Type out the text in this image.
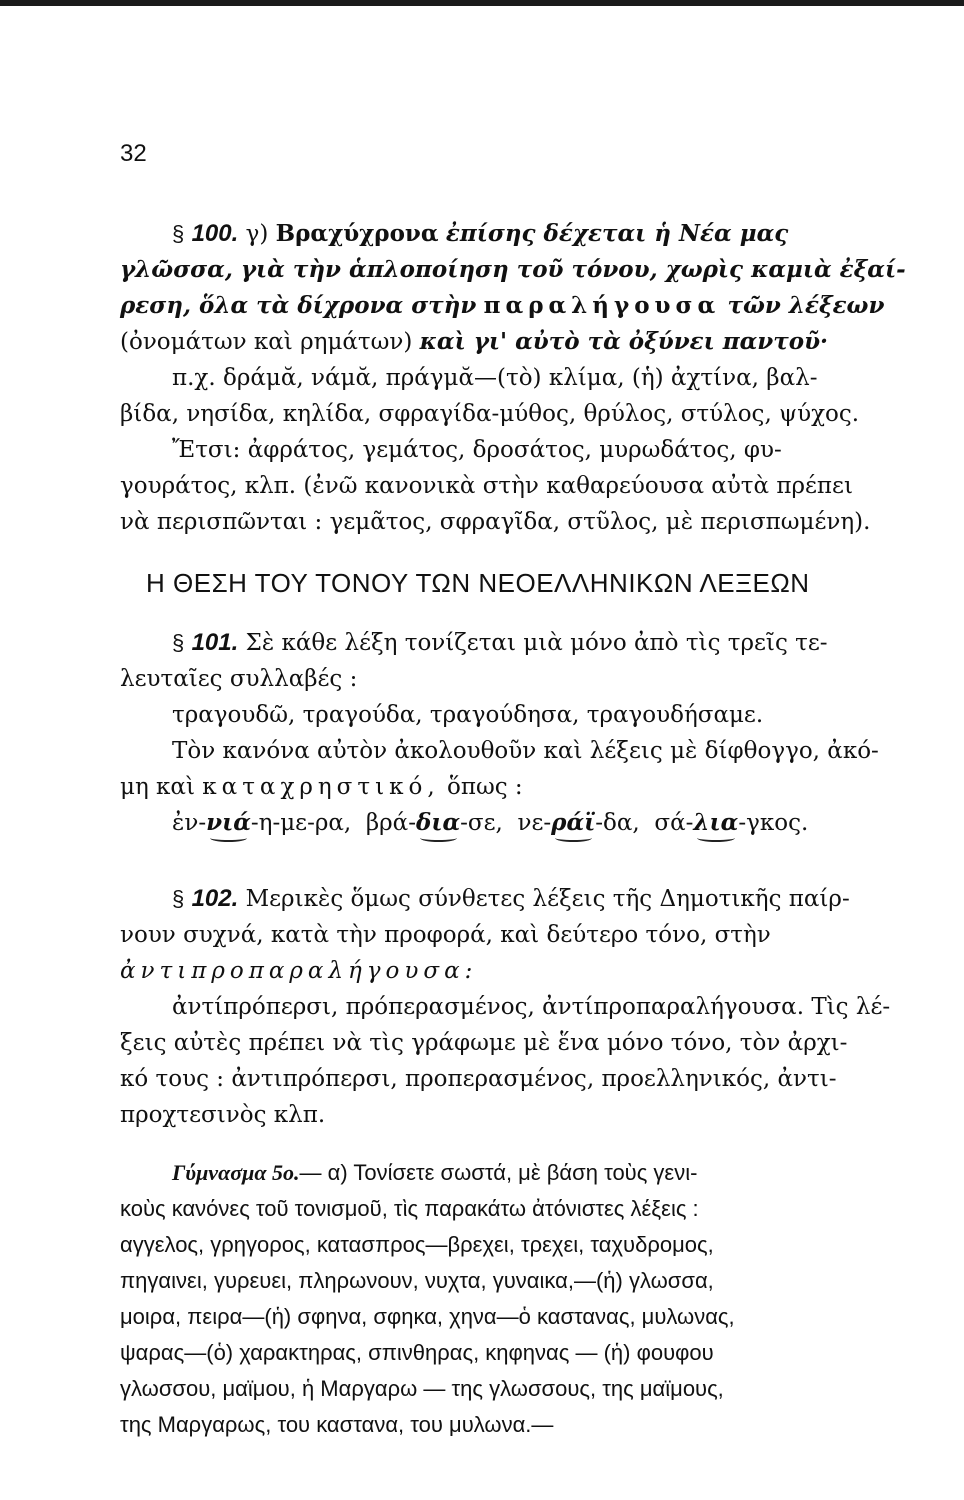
32
§ 100. γ) Βραχύχρονα ἐπίσης δέχεται ἡ Νέα μας
γλῶσσα, γιὰ τὴν ἁπλοποίηση τοῦ τόνου, χωρὶς καμιὰ ἐξαί-
ρεση, ὅλα τὰ δίχρονα στὴν παραλήγουσα τῶν λέξεων
(ὀνομάτων καὶ ρημάτων) καὶ γι' αὐτὸ τὰ ὀξύνει παντοῦ·
π.χ. δράμᾰ, νάμᾰ, πράγμᾰ—(τὸ) κλίμα, (ἡ) ἀχτίνα, βαλ-
βίδα, νησίδα, κηλίδα, σφραγίδα-μύθος, θρύλος, στύλος, ψύχος.
Ἔτσι: ἀφράτος, γεμάτος, δροσάτος, μυρωδάτος, φυ-
γουράτος, κλπ. (ἐνῶ κανονικὰ στὴν καθαρεύουσα αὐτὰ πρέπει
νὰ περισπῶνται : γεμᾶτος, σφραγῖδα, στῦλος, μὲ περισπωμένη).
Η ΘΕΣΗ ΤΟΥ ΤΟΝΟΥ ΤΩΝ ΝΕΟΕΛΛΗΝΙΚΩΝ ΛΕΞΕΩΝ
§ 101. Σὲ κάθε λέξη τονίζεται μιὰ μόνο ἀπὸ τὶς τρεῖς τε-
λευταῖες συλλαβές :
τραγουδῶ, τραγούδα, τραγούδησα, τραγουδήσαμε.
Τὸν κανόνα αὐτὸν ἀκολουθοῦν καὶ λέξεις μὲ δίφθογγο, ἀκό-
μη καὶ καταχρηστικό, ὅπως :
ἐν-νιά-η-με-ρα, βρά-δια-σε, νε-ράϊ-δα, σά-λια-γκος.
§ 102. Μερικὲς ὅμως σύνθετες λέξεις τῆς Δημοτικῆς παίρ-
νουν συχνά, κατὰ τὴν προφορά, καὶ δεύτερο τόνο, στὴν
ἀντιπροπαραλήγουσα:
ἀντίπρόπερσι, πρόπερασμένος, ἀντίπροπαραλήγουσα. Τὶς λέ-
ξεις αὐτὲς πρέπει νὰ τὶς γράφωμε μὲ ἕνα μόνο τόνο, τὸν ἀρχι-
κό τους : ἀντιπρόπερσι, προπερασμένος, προελληνικός, ἀντι-
προχτεσινὸς κλπ.
Γύμνασμα 5ο.— α) Τονίσετε σωστά, μὲ βάση τοὺς γενι-
κοὺς κανόνες τοῦ τονισμοῦ, τὶς παρακάτω ἀτόνιστες λέξεις :
αγγελος, γρηγορος, κατασπρος—βρεχει, τρεχει, ταχυδρομος,
πηγαινει, γυρευει, πληρωνουν, νυχτα, γυναικα,—(ἡ) γλωσσα,
μοιρα, πειρα—(ἡ) σφηνα, σφηκα, χηνα—ὁ καστανας, μυλωνας,
ψαρας—(ὁ) χαρακτηρας, σπινθηρας, κηφηνας — (ἡ) φουφου
γλωσσου, μαϊμου, ἡ Μαργαρω — της γλωσσους, της μαϊμους,
της Μαργαρως, του καστανα, του μυλωνα.—
